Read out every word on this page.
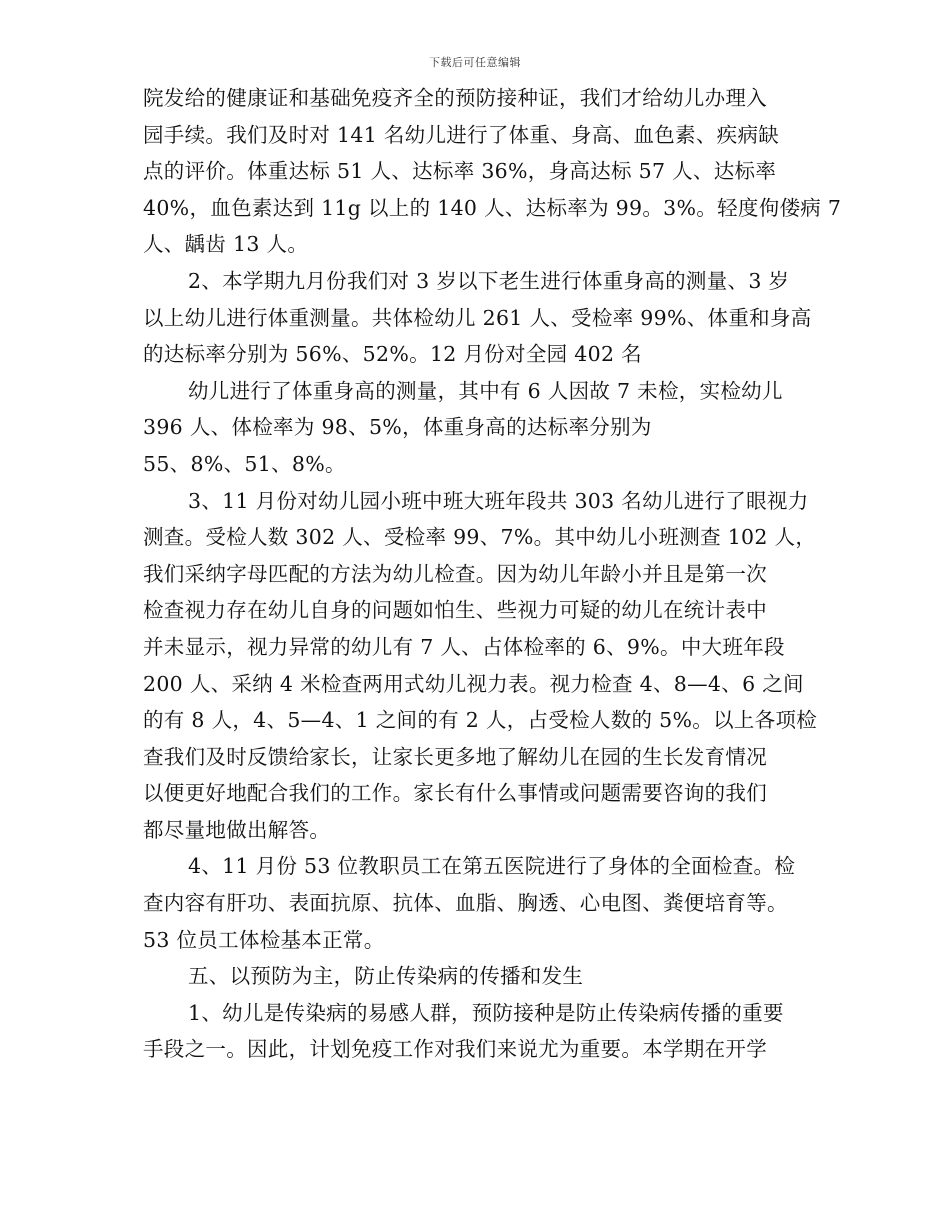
下载后可任意编辑
院发给的健康证和基础免疫齐全的预防接种证，我们才给幼儿办理入
园手续。我们及时对 141 名幼儿进行了体重、身高、血色素、疾病缺
点的评价。体重达标 51 人、达标率 36%，身高达标 57 人、达标率
40%，血色素达到 11g 以上的 140 人、达标率为 99。3%。轻度佝偻病 7
人、龋齿 13 人。
2、本学期九月份我们对 3 岁以下老生进行体重身高的测量、3 岁
以上幼儿进行体重测量。共体检幼儿 261 人、受检率 99%、体重和身高
的达标率分别为 56%、52%。12 月份对全园 402 名
幼儿进行了体重身高的测量，其中有 6 人因故 7 未检，实检幼儿
396 人、体检率为 98、5%，体重身高的达标率分别为
55、8%、51、8%。
3、11 月份对幼儿园小班中班大班年段共 303 名幼儿进行了眼视力
测查。受检人数 302 人、受检率 99、7%。其中幼儿小班测查 102 人，
我们采纳字母匹配的方法为幼儿检查。因为幼儿年龄小并且是第一次
检查视力存在幼儿自身的问题如怕生、些视力可疑的幼儿在统计表中
并未显示，视力异常的幼儿有 7 人、占体检率的 6、9%。中大班年段
200 人、采纳 4 米检查两用式幼儿视力表。视力检查 4、8—4、6 之间
的有 8 人，4、5—4、1 之间的有 2 人，占受检人数的 5%。以上各项检
查我们及时反馈给家长，让家长更多地了解幼儿在园的生长发育情况
以便更好地配合我们的工作。家长有什么事情或问题需要咨询的我们
都尽量地做出解答。
4、11 月份 53 位教职员工在第五医院进行了身体的全面检查。检
查内容有肝功、表面抗原、抗体、血脂、胸透、心电图、粪便培育等。
53 位员工体检基本正常。
五、以预防为主，防止传染病的传播和发生
1、幼儿是传染病的易感人群，预防接种是防止传染病传播的重要
手段之一。因此，计划免疫工作对我们来说尤为重要。本学期在开学
